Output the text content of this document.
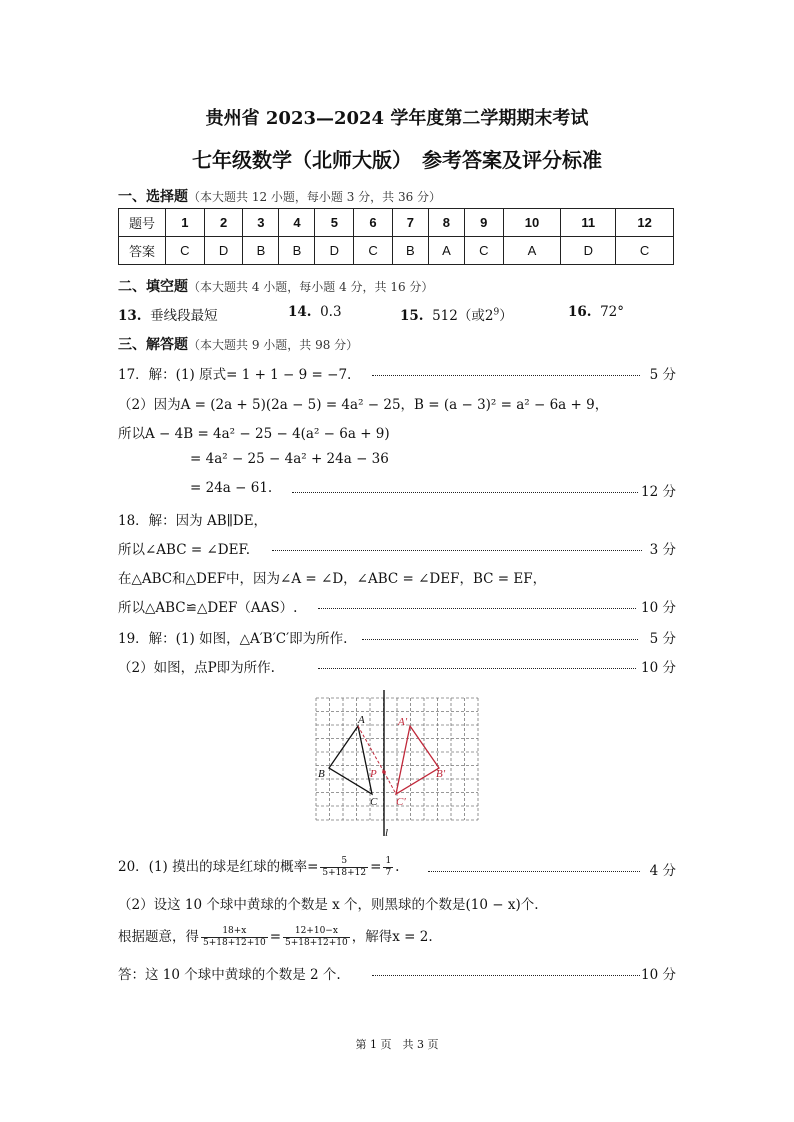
贵州省 2023—2024 学年度第二学期期末考试
七年级数学（北师大版）　参考答案及评分标准
一、选择题（本大题共 12 小题，每小题 3 分，共 36 分）
题号	1	2	3	4	5	6	7	8	9	10	11	12
答案	C	D	B	B	D	C	B	A	C	A	D	C
二、填空题（本大题共 4 小题，每小题 4 分，共 16 分）
13. 垂线段最短	14. 0.3	15. 512（或$2^9$）	16. 72°
三、解答题（本大题共 9 小题，共 98 分）
17．解：(1) 原式= 1 + 1 − 9 = −7.	5 分
（2）因为A = (2a + 5)(2a − 5) = 4a² − 25，B = (a − 3)² = a² − 6a + 9，
所以A − 4B = 4a² − 25 − 4(a² − 6a + 9)
= 4a² − 25 − 4a² + 24a − 36
= 24a − 61.	12 分
18．解：因为 AB∥DE，
所以∠ABC = ∠DEF.	3 分
在△ABC和△DEF中，因为∠A = ∠D，∠ABC = ∠DEF，BC = EF，
所以△ABC≌△DEF（AAS）.	10 分
19．解：(1) 如图，△A′B′C′即为所作.	5 分
（2）如图，点P即为所作.	10 分
A
B
C
A′
B′
C′
P
l
20．(1) 摸出的球是红球的概率= $\frac{5}{5+18+12} = \frac{1}{7}$ .	4 分
（2）设这 10 个球中黄球的个数是 x 个，则黑球的个数是(10 − x)个.
根据题意，得 $\frac{18+x}{5+18+12+10} = \frac{12+10-x}{5+18+12+10}$ ，解得x = 2.
答：这 10 个球中黄球的个数是 2 个.	10 分
第 1 页　共 3 页
